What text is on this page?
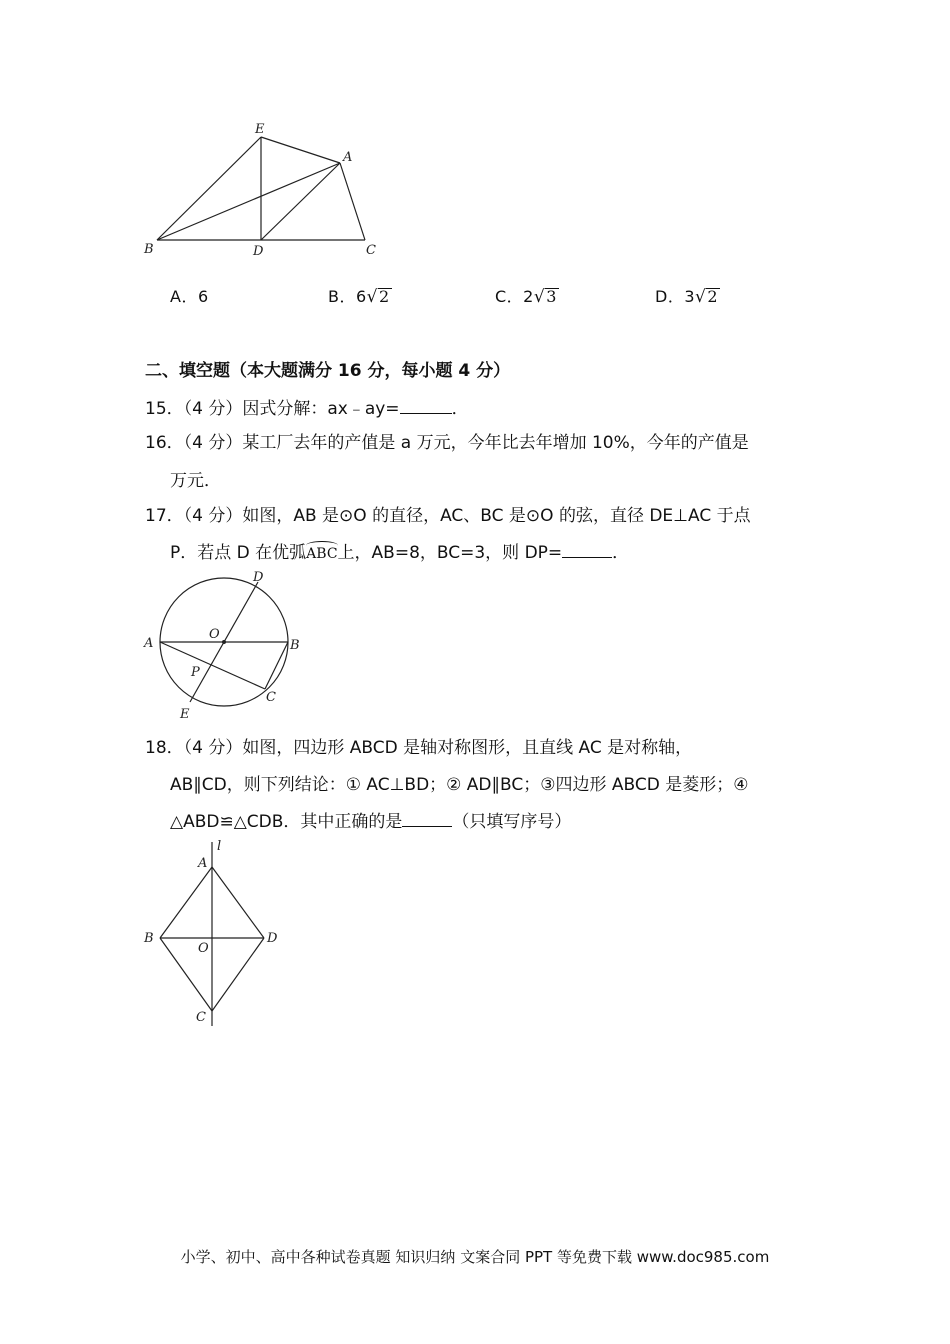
E
A
B	D	C
A．6	B．6√2	C．2√3	D．3√2
二、填空题（本大题满分 16 分，每小题 4 分）
15．（4 分）因式分解：ax﹣ay=	．
16．（4 分）某工厂去年的产值是 a 万元，今年比去年增加 10%，今年的产值是
万元．
17．（4 分）如图，AB 是⊙O 的直径，AC、BC 是⊙O 的弦，直径 DE⊥AC 于点
P．若点 D 在优弧ABC上，AB=8，BC=3，则 DP=	．
D
A
O
B
P
C
E
18．（4 分）如图，四边形 ABCD 是轴对称图形，且直线 AC 是对称轴，
AB∥CD，则下列结论：① AC⊥BD；② AD∥BC；③四边形 ABCD 是菱形；④
△ABD≌△CDB．其中正确的是	（只填写序号）
A
l
B
O
D
C
小学、初中、高中各种试卷真题 知识归纳 文案合同 PPT 等免费下载 www.doc985.com
